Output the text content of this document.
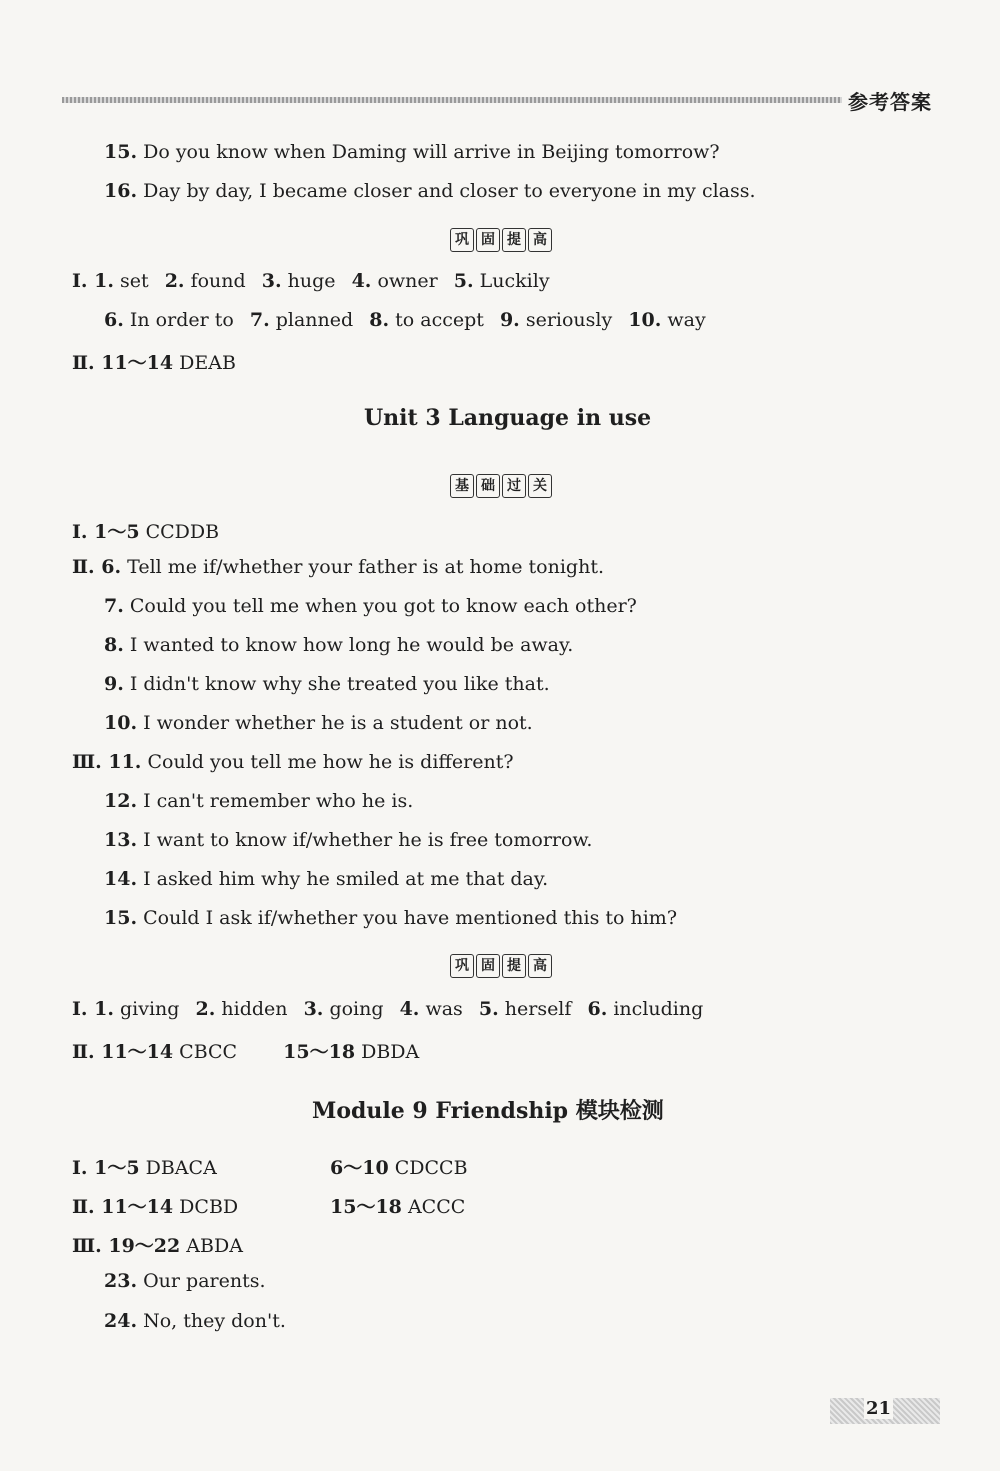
参考答案
15. Do you know when Daming will arrive in Beijing tomorrow?
16. Day by day, I became closer and closer to everyone in my class.
巩 固 提 高
Ⅰ. 1. set 2. found 3. huge 4. owner 5. Luckily
6. In order to 7. planned 8. to accept 9. seriously 10. way
Ⅱ. 11～14 DEAB
Unit 3 Language in use
基 础 过 关
Ⅰ. 1～5 CCDDB
Ⅱ. 6. Tell me if/whether your father is at home tonight.
7. Could you tell me when you got to know each other?
8. I wanted to know how long he would be away.
9. I didn't know why she treated you like that.
10. I wonder whether he is a student or not.
Ⅲ. 11. Could you tell me how he is different?
12. I can't remember who he is.
13. I want to know if/whether he is free tomorrow.
14. I asked him why he smiled at me that day.
15. Could I ask if/whether you have mentioned this to him?
巩 固 提 高
Ⅰ. 1. giving 2. hidden 3. going 4. was 5. herself 6. including
Ⅱ. 11～14 CBCC 15～18 DBDA
Module 9 Friendship 模块检测
Ⅰ. 1～5 DBACA	6～10 CDCCB
Ⅱ. 11～14 DCBD	15～18 ACCC
Ⅲ. 19～22 ABDA
23. Our parents.
24. No, they don't.
21
